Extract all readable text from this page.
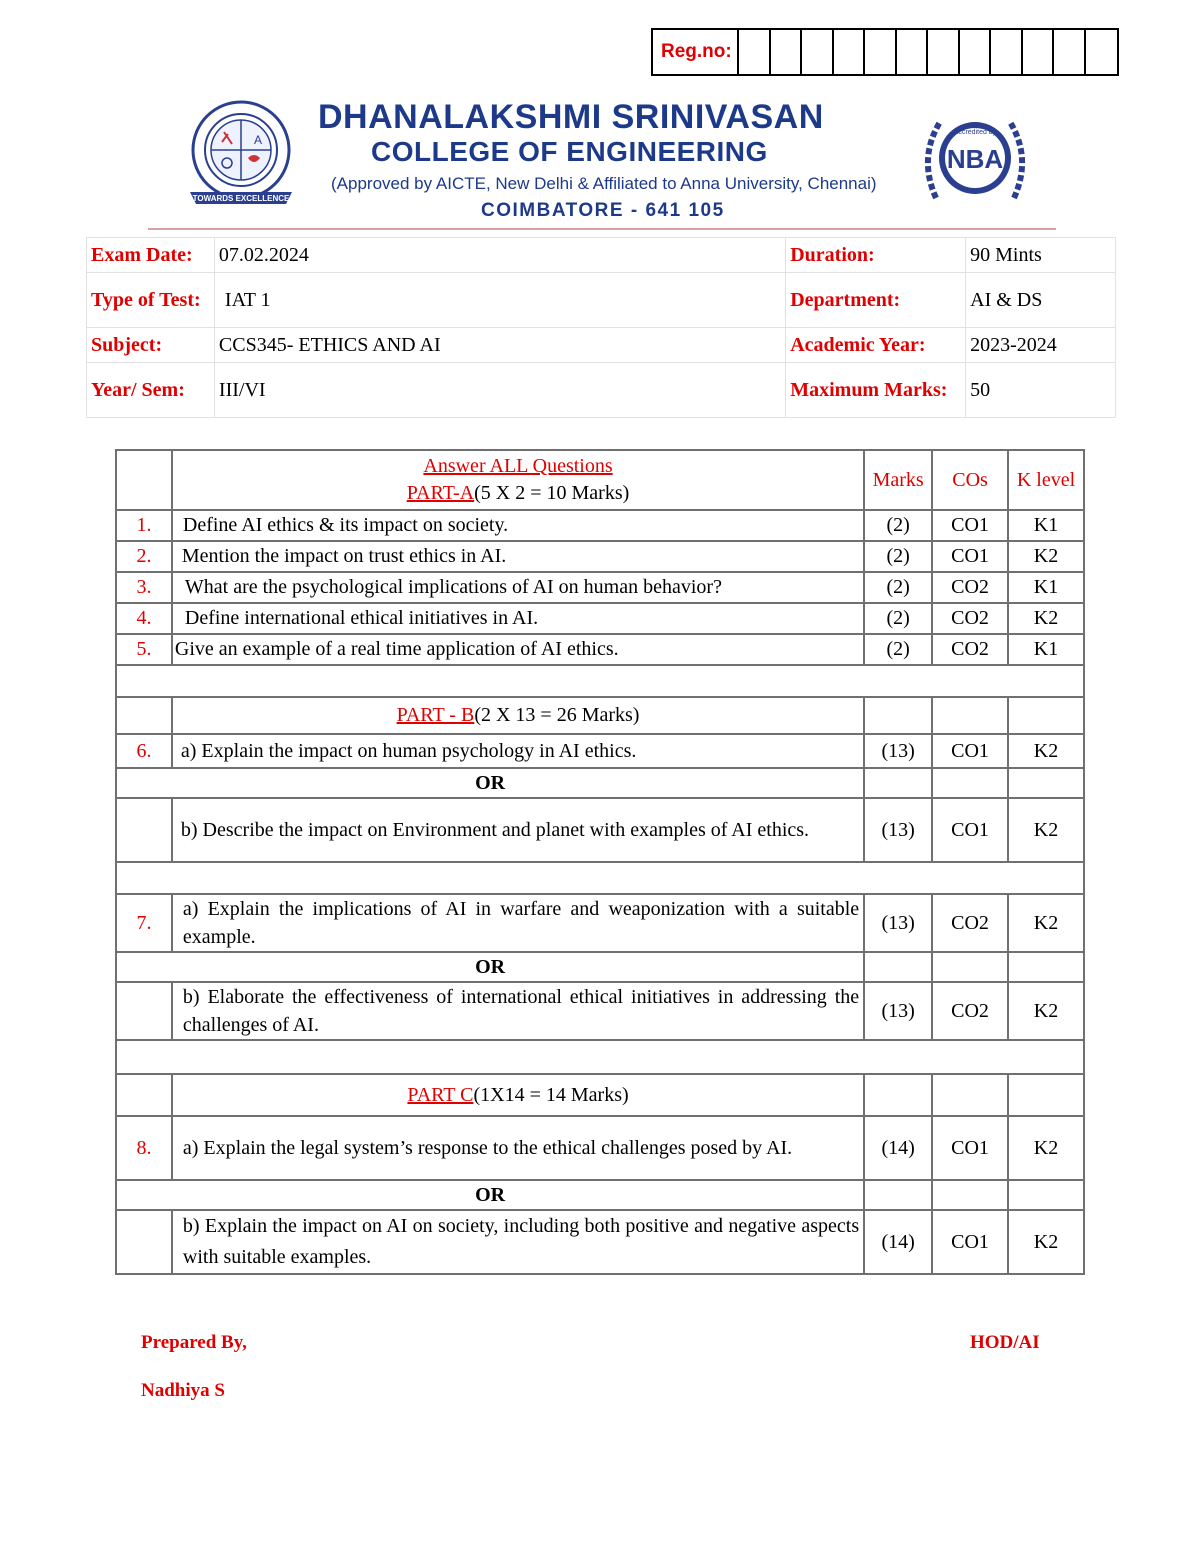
Reg.no:
A
TOWARDS EXCELLENCE
DHANALAKSHMI SRINIVASAN
COLLEGE OF ENGINEERING
(Approved by AICTE, New Delhi & Affiliated to Anna University, Chennai)
COIMBATORE - 641 105
Accredited by
NBA
Exam Date:	07.02.2024	Duration:	90 Mints
Type of Test:	IAT 1	Department:	AI & DS
Subject:	CCS345- ETHICS AND AI	Academic Year:	2023-2024
Year/ Sem:	III/VI	Maximum Marks:	50

	Answer ALL Questions
PART-A(5 X 2 = 10 Marks)	Marks	COs	K level
1.	Define AI ethics & its impact on society.	(2)	CO1	K1
2.	Mention the impact on trust ethics in AI.	(2)	CO1	K2
3.	What are the psychological implications of AI on human behavior?	(2)	CO2	K1
4.	Define international ethical initiatives in AI.	(2)	CO2	K2
5.	Give an example of a real time application of AI ethics.	(2)	CO2	K1

	PART - B(2 X 13 = 26 Marks)			
6.	a) Explain the impact on human psychology in AI ethics.	(13)	CO1	K2
OR				
	b) Describe the impact on Environment and planet with examples of AI ethics.	(13)	CO1	K2

7.	a) Explain the implications of AI in warfare and weaponization with a suitable example.	(13)	CO2	K2
OR				
	b) Elaborate the effectiveness of international ethical initiatives in addressing the challenges of AI.	(13)	CO2	K2

	PART C(1X14 = 14 Marks)			
8.	a) Explain the legal system’s response to the ethical challenges posed by AI.	(14)	CO1	K2
OR				
	b) Explain the impact on AI on society, including both positive and negative aspects with suitable examples.	(14)	CO1	K2
Prepared By,	HOD/AI
Nadhiya S
